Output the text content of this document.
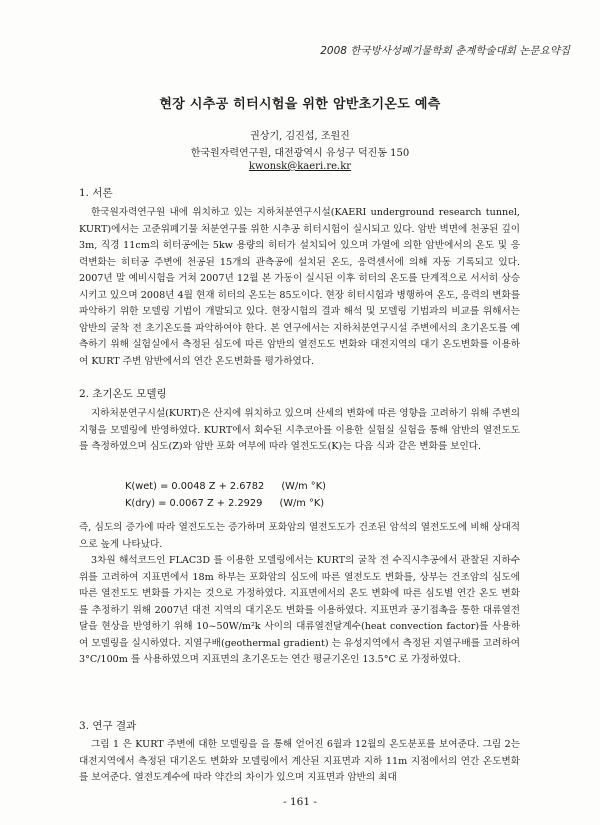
2008 한국방사성폐기물학회 춘계학술대회 논문요약집
현장 시추공 히터시험을 위한 암반초기온도 예측
권상기, 김진섭, 조원진
한국원자력연구원, 대전광역시 유성구 덕진동 150
kwonsk@kaeri.re.kr
1. 서론

한국원자력연구원 내에 위치하고 있는 지하처분연구시설(KAERI underground research tunnel, KURT)에서는 고준위폐기물 처분연구를 위한 시추공 히터시험이 실시되고 있다. 암반 벽면에 천공된 깊이 3m, 직경 11cm의 히터공에는 5kw 용량의 히터가 설치되어 있으며 가열에 의한 암반에서의 온도 및 응력변화는 히터공 주변에 천공된 15개의 관측공에 설치된 온도, 응력센서에 의해 자동 기록되고 있다. 2007년 말 예비시험을 거쳐 2007년 12월 본 가동이 실시된 이후 히터의 온도를 단계적으로 서서히 상승시키고 있으며 2008년 4월 현재 히터의 온도는 85도이다. 현장 히터시험과 병행하여 온도, 응력의 변화를 파악하기 위한 모델링 기법이 개발되고 있다. 현장시험의 결과 해석 및 모델링 기법과의 비교를 위해서는 암반의 굴착 전 초기온도를 파악하여야 한다. 본 연구에서는 지하처분연구시설 주변에서의 초기온도를 예측하기 위해 실험실에서 측정된 심도에 따른 암반의 열전도도 변화와 대전지역의 대기 온도변화를 이용하여 KURT 주변 암반에서의 연간 온도변화를 평가하였다.

2. 초기온도 모델링

지하처분연구시설(KURT)은 산지에 위치하고 있으며 산세의 변화에 따른 영향을 고려하기 위해 주변의 지형을 모델링에 반영하였다. KURT에서 회수된 시추코아를 이용한 실험실 실험을 통해 암반의 열전도도를 측정하였으며 심도(Z)와 암반 포화 여부에 따라 열전도도(K)는 다음 식과 같은 변화를 보인다.

K(wet) = 0.0048 Z + 2.6782 (W/m °K)
K(dry) = 0.0067 Z + 2.2929 (W/m °K)

즉, 심도의 증가에 따라 열전도도는 증가하며 포화암의 열전도도가 건조된 암석의 열전도도에 비해 상대적으로 높게 나타났다.

3차원 해석코드인 FLAC3D 를 이용한 모델링에서는 KURT의 굴착 전 수직시추공에서 관찰된 지하수위를 고려하여 지표면에서 18m 하부는 포화암의 심도에 따른 열전도도 변화를, 상부는 건조암의 심도에 따른 열전도도 변화를 가지는 것으로 가정하였다. 지표면에서의 온도 변화에 따른 심도별 연간 온도 변화를 추정하기 위해 2007년 대전 지역의 대기온도 변화를 이용하였다. 지표면과 공기접촉을 통한 대류열전달을 현상을 반영하기 위해 10~50W/m²k 사이의 대류열전달계수(heat convection factor)를 사용하여 모델링을 실시하였다. 지열구배(geothermal gradient) 는 유성지역에서 측정된 지열구배를 고려하여 3°C/100m 를 사용하였으며 지표면의 초기온도는 연간 평균기온인 13.5°C 로 가정하였다.

3. 연구 결과

그림 1 은 KURT 주변에 대한 모델링을 을 통해 얻어진 6월과 12월의 온도분포를 보여준다. 그림 2는 대전지역에서 측정된 대기온도 변화와 모델링에서 계산된 지표면과 지하 11m 지점에서의 연간 온도변화를 보여준다. 열전도계수에 따라 약간의 차이가 있으며 지표면과 암반의 최대

- 161 -
